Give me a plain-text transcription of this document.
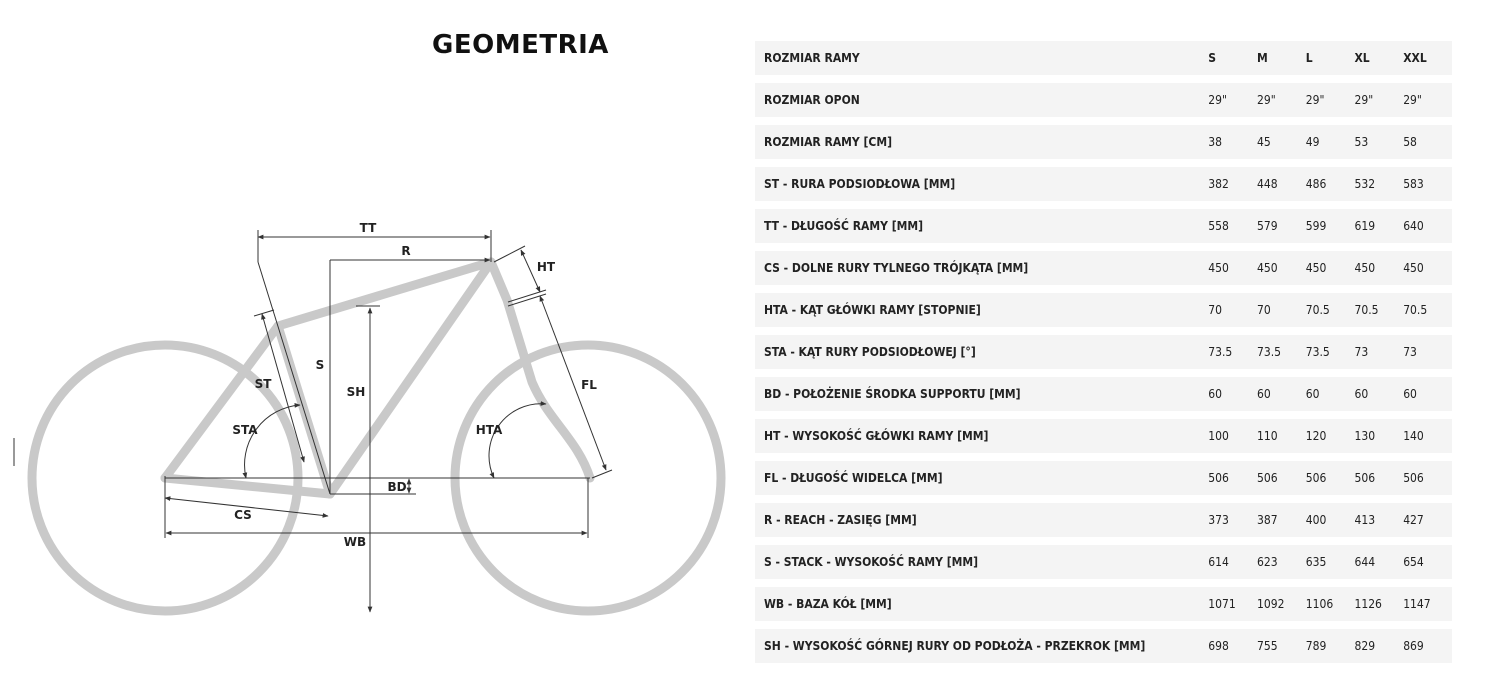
GEOMETRIA
TT
R
HT
S
SH
ST
STA	HTA
FL
BD
CS
WB
ROZMIAR RAMY	S	M	L	XL	XXL
ROZMIAR OPON	29"	29"	29"	29"	29"
ROZMIAR RAMY [CM]	38	45	49	53	58
ST - RURA PODSIODŁOWA [MM]	382	448	486	532	583
TT - DŁUGOŚĆ RAMY [MM]	558	579	599	619	640
CS - DOLNE RURY TYLNEGO TRÓJKĄTA [MM]	450	450	450	450	450
HTA - KĄT GŁÓWKI RAMY [STOPNIE]	70	70	70.5	70.5	70.5
STA - KĄT RURY PODSIODŁOWEJ [°]	73.5	73.5	73.5	73	73
BD - POŁOŻENIE ŚRODKA SUPPORTU [MM]	60	60	60	60	60
HT - WYSOKOŚĆ GŁÓWKI RAMY [MM]	100	110	120	130	140
FL - DŁUGOŚĆ WIDELCA [MM]	506	506	506	506	506
R - REACH - ZASIĘG [MM]	373	387	400	413	427
S - STACK - WYSOKOŚĆ RAMY [MM]	614	623	635	644	654
WB - BAZA KÓŁ [MM]	1071	1092	1106	1126	1147
SH - WYSOKOŚĆ GÓRNEJ RURY OD PODŁOŻA - PRZEKROK [MM]	698	755	789	829	869
